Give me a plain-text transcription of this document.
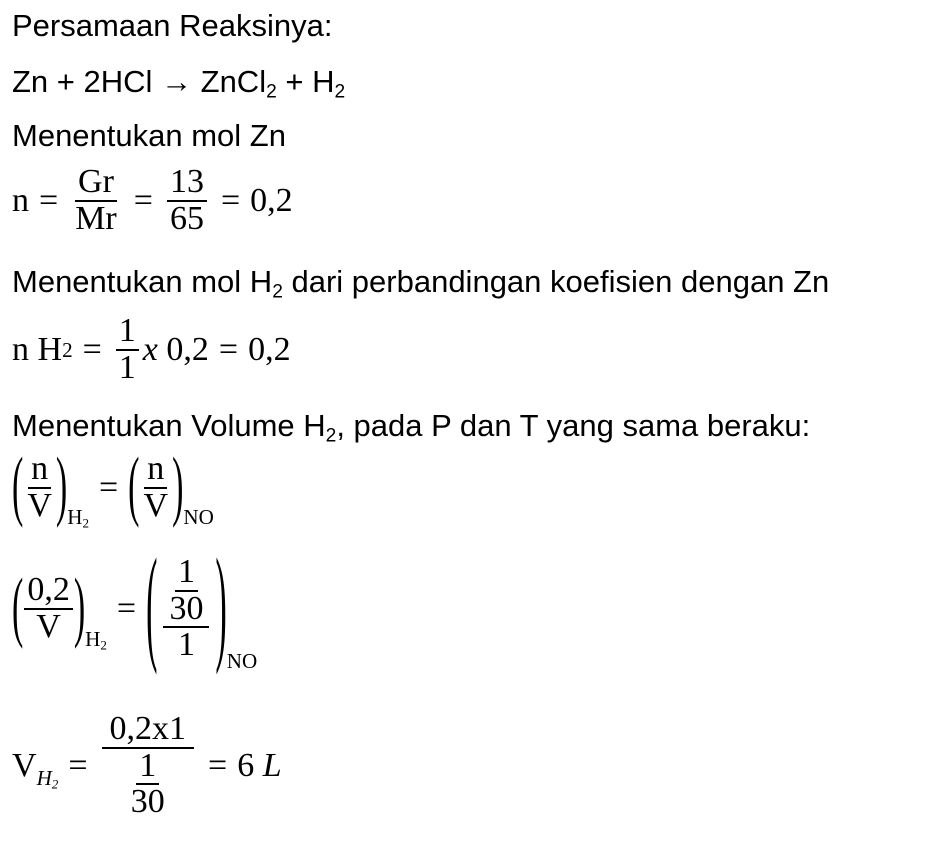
Persamaan Reaksinya:
Zn + 2HCl → ZnCl$_2$ + $H_2$
Menentukan mol Zn
$n = \frac{Gr}{Mr} = \frac{13}{65} = 0,2$
Menentukan mol $H_2$ dari perbandingan koefisien dengan Zn
n H $2 = \frac{1}{1}$ x
0,2 = 0,2
Menentukan Volume $H_2$, pada P dan T yang sama beraku:
( $\frac{n}{V}$ ) $H_2$
= ( $\frac{n}{V}$ ) NO
( $\frac{0,2}{V}$ ) $H_2$
= ( $\frac{\frac{1}{30}}{1}$ ) NO
V $H_2 = \frac{0,2x1}{\frac{1}{30}} = 6$
L
